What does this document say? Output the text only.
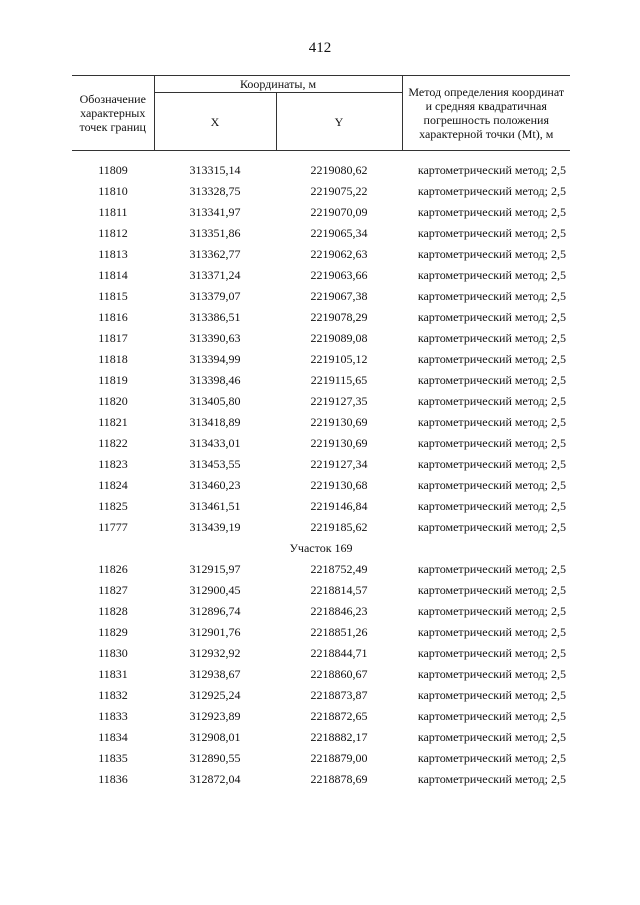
412
Обозначение характерных точек границ	Координаты, м		Метод определения координат и средняя квадратичная погрешность положения характерной точки (Mt), м
	X	Y	

11809	313315,14	2219080,62	картометрический метод; 2,5
11810	313328,75	2219075,22	картометрический метод; 2,5
11811	313341,97	2219070,09	картометрический метод; 2,5
11812	313351,86	2219065,34	картометрический метод; 2,5
11813	313362,77	2219062,63	картометрический метод; 2,5
11814	313371,24	2219063,66	картометрический метод; 2,5
11815	313379,07	2219067,38	картометрический метод; 2,5
11816	313386,51	2219078,29	картометрический метод; 2,5
11817	313390,63	2219089,08	картометрический метод; 2,5
11818	313394,99	2219105,12	картометрический метод; 2,5
11819	313398,46	2219115,65	картометрический метод; 2,5
11820	313405,80	2219127,35	картометрический метод; 2,5
11821	313418,89	2219130,69	картометрический метод; 2,5
11822	313433,01	2219130,69	картометрический метод; 2,5
11823	313453,55	2219127,34	картометрический метод; 2,5
11824	313460,23	2219130,68	картометрический метод; 2,5
11825	313461,51	2219146,84	картометрический метод; 2,5
11777	313439,19	2219185,62	картометрический метод; 2,5
Участок 169			
11826	312915,97	2218752,49	картометрический метод; 2,5
11827	312900,45	2218814,57	картометрический метод; 2,5
11828	312896,74	2218846,23	картометрический метод; 2,5
11829	312901,76	2218851,26	картометрический метод; 2,5
11830	312932,92	2218844,71	картометрический метод; 2,5
11831	312938,67	2218860,67	картометрический метод; 2,5
11832	312925,24	2218873,87	картометрический метод; 2,5
11833	312923,89	2218872,65	картометрический метод; 2,5
11834	312908,01	2218882,17	картометрический метод; 2,5
11835	312890,55	2218879,00	картометрический метод; 2,5
11836	312872,04	2218878,69	картометрический метод; 2,5
